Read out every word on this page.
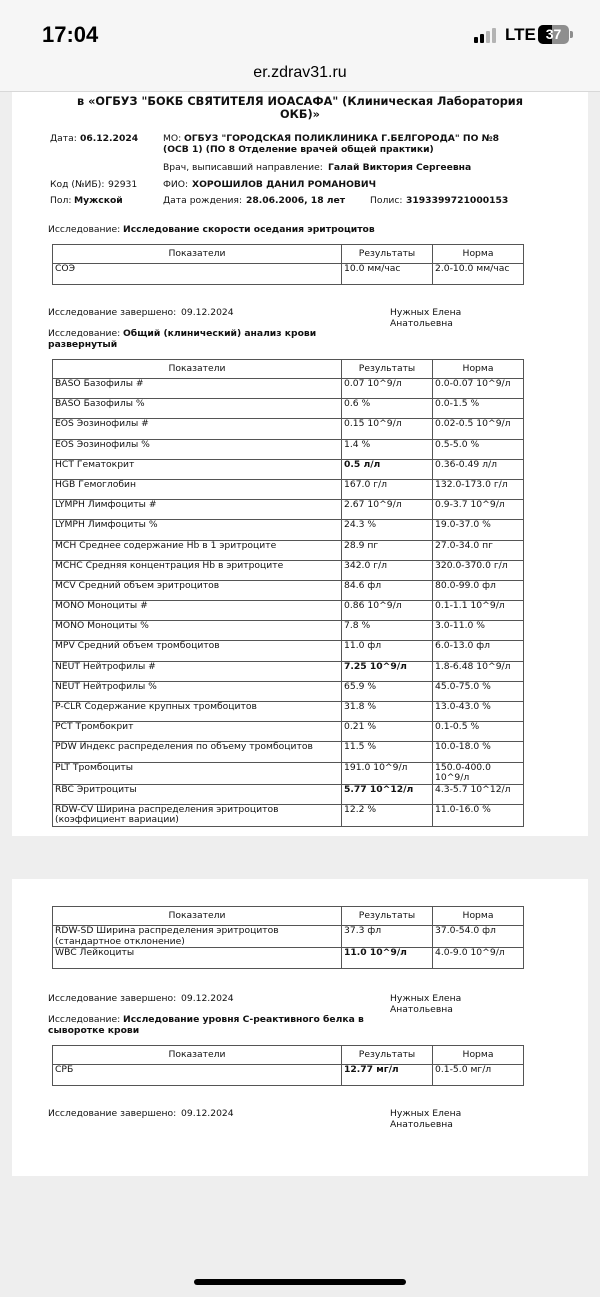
17:04	LTE 37
er.zdrav31.ru
в «ОГБУЗ "БОКБ СВЯТИТЕЛЯ ИОАСАФА" (Клиническая Лаборатория
ОКБ)»
Дата: 06.12.2024	МО: ОГБУЗ "ГОРОДСКАЯ ПОЛИКЛИНИКА Г.БЕЛГОРОДА" ПО №8
(ОСВ 1) (ПО 8 Отделение врачей общей практики)
Врач, выписавший направление: Галай Виктория Сергеевна
Код (№ИБ): 92931	ФИО: ХОРОШИЛОВ ДАНИЛ РОМАНОВИЧ
Пол: Мужской	Дата рождения: 28.06.2006, 18 лет	Полис: 3193399721000153
Исследование: Исследование скорости оседания эритроцитов
Показатели	Результаты	Норма
СОЭ	10.0 мм/час	2.0-10.0 мм/час
Исследование завершено: 09.12.2024	Нужных Елена
Анатольевна
Исследование: Общий (клинический) анализ крови
развернутый
Показатели	Результаты	Норма
BASO Базофилы #	0.07 10^9/л	0.0-0.07 10^9/л
BASO Базофилы %	0.6 %	0.0-1.5 %
EOS Эозинофилы #	0.15 10^9/л	0.02-0.5 10^9/л
EOS Эозинофилы %	1.4 %	0.5-5.0 %
HCT Гематокрит	0.5 л/л	0.36-0.49 л/л
HGB Гемоглобин	167.0 г/л	132.0-173.0 г/л
LYMPH Лимфоциты #	2.67 10^9/л	0.9-3.7 10^9/л
LYMPH Лимфоциты %	24.3 %	19.0-37.0 %
MCH Среднее содержание Hb в 1 эритроците	28.9 пг	27.0-34.0 пг
MCHC Средняя концентрация Hb в эритроците	342.0 г/л	320.0-370.0 г/л
MCV Средний объем эритроцитов	84.6 фл	80.0-99.0 фл
MONO Моноциты #	0.86 10^9/л	0.1-1.1 10^9/л
MONO Моноциты %	7.8 %	3.0-11.0 %
MPV Средний объем тромбоцитов	11.0 фл	6.0-13.0 фл
NEUT Нейтрофилы #	7.25 10^9/л	1.8-6.48 10^9/л
NEUT Нейтрофилы %	65.9 %	45.0-75.0 %
P-CLR Содержание крупных тромбоцитов	31.8 %	13.0-43.0 %
PCT Тромбокрит	0.21 %	0.1-0.5 %
PDW Индекс распределения по объему тромбоцитов	11.5 %	10.0-18.0 %
PLT Тромбоциты	191.0 10^9/л	150.0-400.0 10^9/л
RBC Эритроциты	5.77 10^12/л	4.3-5.7 10^12/л
RDW-CV Ширина распределения эритроцитов (коэффициент вариации)	12.2 %	11.0-16.0 %
Показатели	Результаты	Норма
RDW-SD Ширина распределения эритроцитов (стандартное отклонение)	37.3 фл	37.0-54.0 фл
WBC Лейкоциты	11.0 10^9/л	4.0-9.0 10^9/л
Исследование завершено: 09.12.2024	Нужных Елена
Анатольевна
Исследование: Исследование уровня С-реактивного белка в
сыворотке крови
Показатели	Результаты	Норма
СРБ	12.77 мг/л	0.1-5.0 мг/л
Исследование завершено: 09.12.2024	Нужных Елена
Анатольевна
